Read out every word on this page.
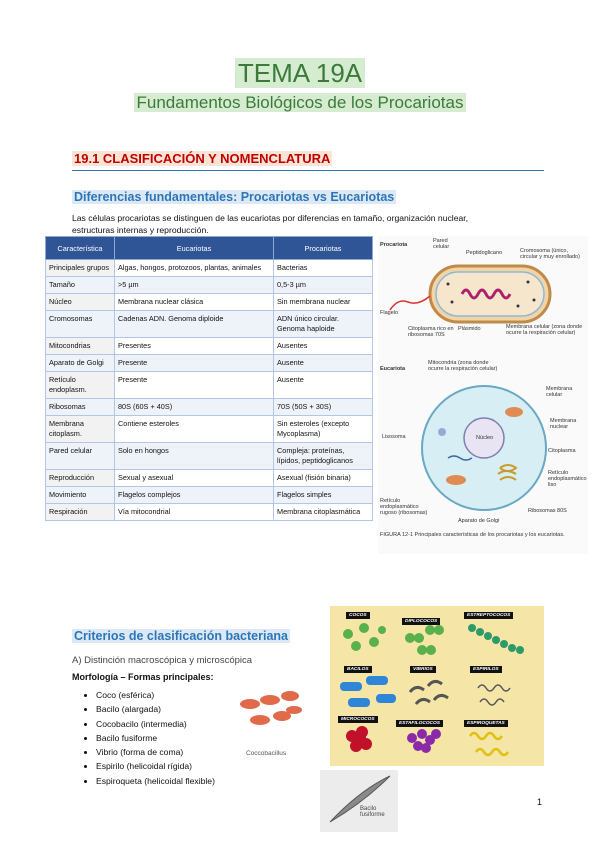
TEMA 19A
Fundamentos Biológicos de los Procariotas
19.1 CLASIFICACIÓN Y NOMENCLATURA
Diferencias fundamentales: Procariotas vs Eucariotas
Las células procariotas se distinguen de las eucariotas por diferencias en tamaño, organización nuclear, estructuras internas y reproducción.
Característica	Eucariotas	Procariotas
Principales grupos	Algas, hongos, protozoos, plantas, animales	Bacterias
Tamaño	>5 µm	0,5-3 µm
Núcleo	Membrana nuclear clásica	Sin membrana nuclear
Cromosomas	Cadenas ADN. Genoma diploide	ADN único circular. Genoma haploide
Mitocondrias	Presentes	Ausentes
Aparato de Golgi	Presente	Ausente
Retículo endoplasm.	Presente	Ausente
Ribosomas	80S (60S + 40S)	70S (50S + 30S)
Membrana citoplasm.	Contiene esteroles	Sin esteroles (excepto Mycoplasma)
Pared celular	Solo en hongos	Compleja: proteínas, lípidos, peptidoglicanos
Reproducción	Sexual y asexual	Asexual (fisión binaria)
Movimiento	Flagelos complejos	Flagelos simples
Respiración	Vía mitocondrial	Membrana citoplasmática
Procariota
Pared celular
Peptidoglicano	Cromosoma (único, circular y muy enrollado)
Flagelo
Citoplasma rico en ribosomas 70S
Plásmido	Membrana celular (zona donde ocurre la respiración celular)
Eucariota
Mitocondria (zona donde ocurre la respiración celular)
Membrana celular
Membrana nuclear
Lisosoma	Núcleo
Citoplasma
Retículo endoplasmático liso
Retículo endoplasmático rugoso (ribosomas)	Ribosomas 80S
Aparato de Golgi
FIGURA 12-1 Principales características de los procariotas y los eucariotas.
Criterios de clasificación bacteriana
A) Distinción macroscópica y microscópica
Morfología – Formas principales:
• Coco (esférica)
• Bacilo (alargada)
• Cocobacilo (intermedia)
• Bacilo fusiforme
• Vibrio (forma de coma)
• Espirilo (helicoidal rígida)
• Espiroqueta (helicoidal flexible)
Coccobacillus
COCOS
DIPLOCOCOS
ESTREPTOCOCOS
BACILOS	VIBRIOS	ESPIRILOS
MICROCOCOS
ESTAFILOCOCOS	ESPIROQUETAS
Bacilo fusiforme
1
